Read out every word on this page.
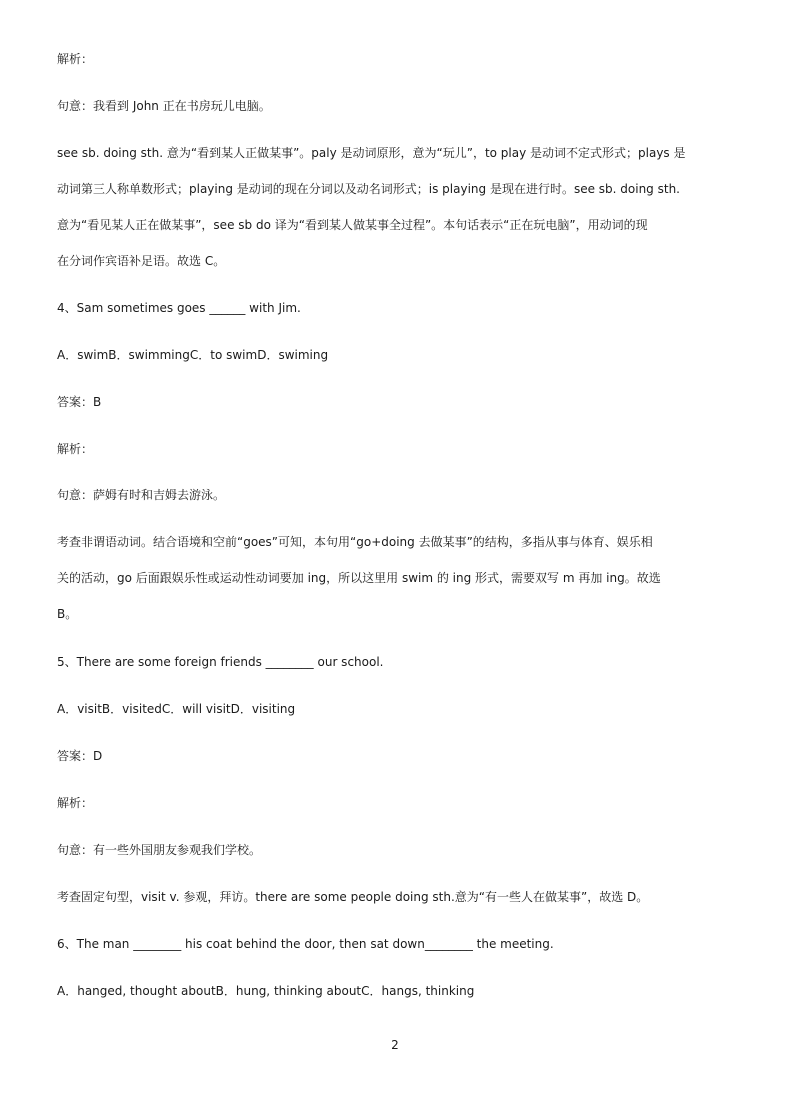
解析：
句意：我看到 John 正在书房玩儿电脑。
see sb. doing sth. 意为“看到某人正做某事”。paly 是动词原形，意为“玩儿”，to play 是动词不定式形式；plays 是
动词第三人称单数形式；playing 是动词的现在分词以及动名词形式；is playing 是现在进行时。see sb. doing sth.
意为“看见某人正在做某事”，see sb do 译为“看到某人做某事全过程”。本句话表示“正在玩电脑”，用动词的现
在分词作宾语补足语。故选 C。
4、Sam sometimes goes ______ with Jim.
A．swimB．swimmingC．to swimD．swiming
答案：B
解析：
句意：萨姆有时和吉姆去游泳。
考查非谓语动词。结合语境和空前“goes”可知，本句用“go+doing 去做某事”的结构，多指从事与体育、娱乐相
关的活动，go 后面跟娱乐性或运动性动词要加 ing，所以这里用 swim 的 ing 形式，需要双写 m 再加 ing。故选
B。
5、There are some foreign friends ________ our school.
A．visitB．visitedC．will visitD．visiting
答案：D
解析：
句意：有一些外国朋友参观我们学校。
考查固定句型，visit v. 参观，拜访。there are some people doing sth.意为“有一些人在做某事”，故选 D。
6、The man ________ his coat behind the door, then sat down________ the meeting.
A．hanged, thought aboutB．hung, thinking aboutC．hangs, thinking
2
